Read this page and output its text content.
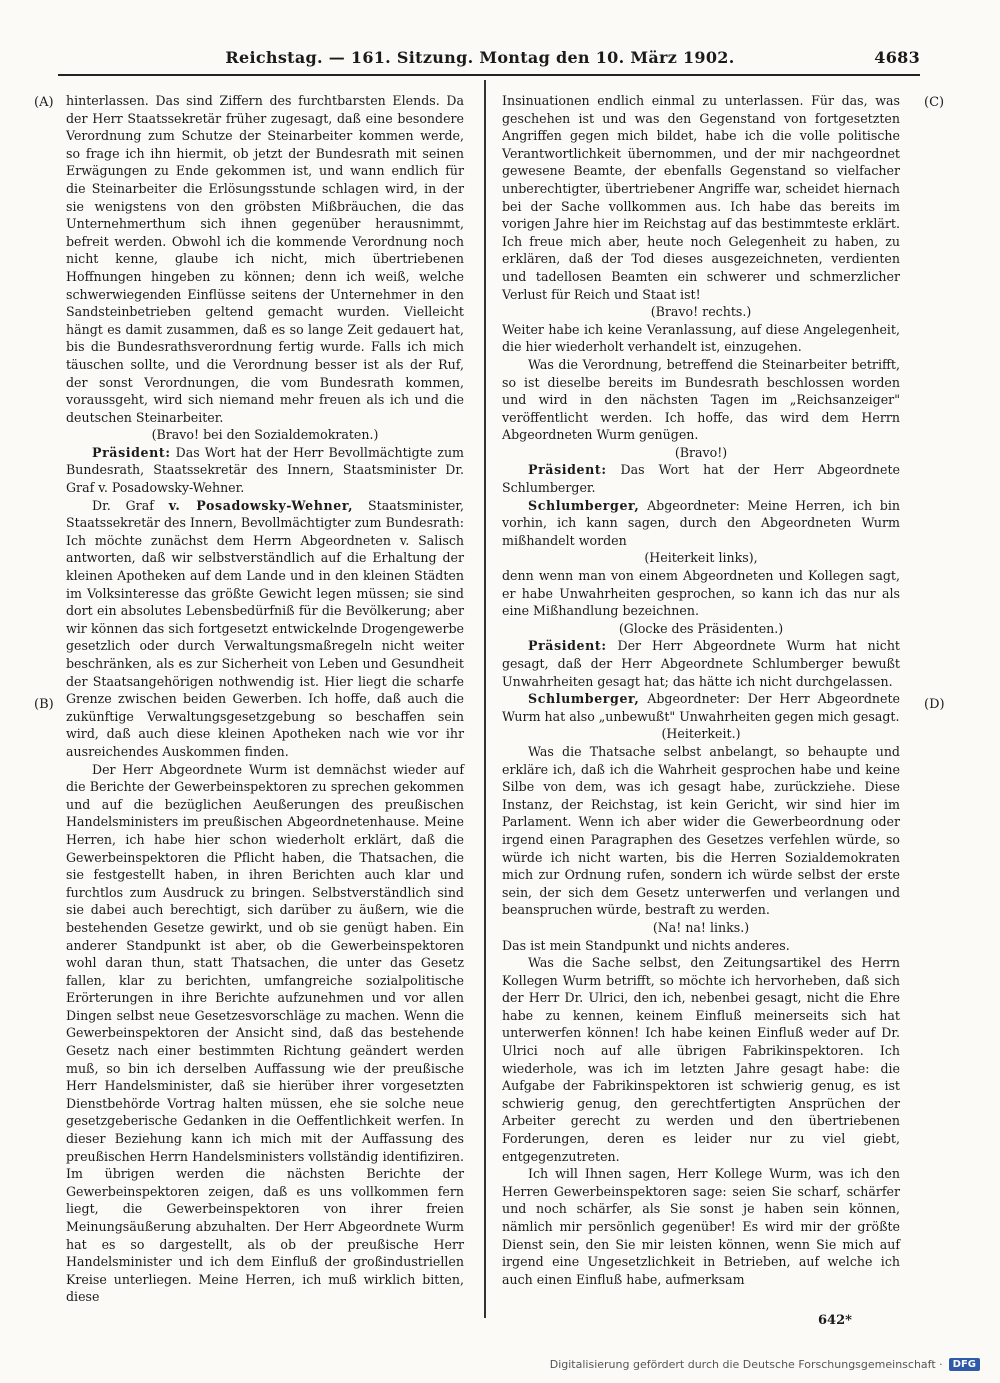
Reichstag. — 161. Sitzung. Montag den 10. März 1902.	4683
(A)
(B)
(C)
(D)

hinterlassen. Das sind Ziffern des furchtbarsten Elends. Da der Herr Staatssekretär früher zugesagt, daß eine besondere Verordnung zum Schutze der Steinarbeiter kommen werde, so frage ich ihn hiermit, ob jetzt der Bundesrath mit seinen Erwägungen zu Ende gekommen ist, und wann endlich für die Steinarbeiter die Erlösungsstunde schlagen wird, in der sie wenigstens von den gröbsten Mißbräuchen, die das Unternehmerthum sich ihnen gegenüber herausnimmt, befreit werden. Obwohl ich die kommende Verordnung noch nicht kenne, glaube ich nicht, mich übertriebenen Hoffnungen hingeben zu können; denn ich weiß, welche schwerwiegenden Einflüsse seitens der Unternehmer in den Sandsteinbetrieben geltend gemacht wurden. Vielleicht hängt es damit zusammen, daß es so lange Zeit gedauert hat, bis die Bundesrathsverordnung fertig wurde. Falls ich mich täuschen sollte, und die Verordnung besser ist als der Ruf, der sonst Verordnungen, die vom Bundesrath kommen, voraussgeht, wird sich niemand mehr freuen als ich und die deutschen Steinarbeiter.

(Bravo! bei den Sozialdemokraten.)

Präsident: Das Wort hat der Herr Bevollmächtigte zum Bundesrath, Staatssekretär des Innern, Staatsminister Dr. Graf v. Posadowsky-Wehner.

Dr. Graf v. Posadowsky-Wehner, Staatsminister, Staatssekretär des Innern, Bevollmächtigter zum Bundesrath: Ich möchte zunächst dem Herrn Abgeordneten v. Salisch antworten, daß wir selbstverständlich auf die Erhaltung der kleinen Apotheken auf dem Lande und in den kleinen Städten im Volksinteresse das größte Gewicht legen müssen; sie sind dort ein absolutes Lebensbedürfniß für die Bevölkerung; aber wir können das sich fortgesetzt entwickelnde Drogengewerbe gesetzlich oder durch Verwaltungsmaßregeln nicht weiter beschränken, als es zur Sicherheit von Leben und Gesundheit der Staatsangehörigen nothwendig ist. Hier liegt die scharfe Grenze zwischen beiden Gewerben. Ich hoffe, daß auch die zukünftige Verwaltungsgesetzgebung so beschaffen sein wird, daß auch diese kleinen Apotheken nach wie vor ihr ausreichendes Auskommen finden.

Der Herr Abgeordnete Wurm ist demnächst wieder auf die Berichte der Gewerbeinspektoren zu sprechen gekommen und auf die bezüglichen Aeußerungen des preußischen Handelsministers im preußischen Abgeordnetenhause. Meine Herren, ich habe hier schon wiederholt erklärt, daß die Gewerbeinspektoren die Pflicht haben, die Thatsachen, die sie festgestellt haben, in ihren Berichten auch klar und furchtlos zum Ausdruck zu bringen. Selbstverständlich sind sie dabei auch berechtigt, sich darüber zu äußern, wie die bestehenden Gesetze gewirkt, und ob sie genügt haben. Ein anderer Standpunkt ist aber, ob die Gewerbeinspektoren wohl daran thun, statt Thatsachen, die unter das Gesetz fallen, klar zu berichten, umfangreiche sozialpolitische Erörterungen in ihre Berichte aufzunehmen und vor allen Dingen selbst neue Gesetzesvorschläge zu machen. Wenn die Gewerbeinspektoren der Ansicht sind, daß das bestehende Gesetz nach einer bestimmten Richtung geändert werden muß, so bin ich derselben Auffassung wie der preußische Herr Handelsminister, daß sie hierüber ihrer vorgesetzten Dienstbehörde Vortrag halten müssen, ehe sie solche neue gesetzgeberische Gedanken in die Oeffentlichkeit werfen. In dieser Beziehung kann ich mich mit der Auffassung des preußischen Herrn Handelsministers vollständig identifiziren. Im übrigen werden die nächsten Berichte der Gewerbeinspektoren zeigen, daß es uns vollkommen fern liegt, die Gewerbeinspektoren von ihrer freien Meinungsäußerung abzuhalten. Der Herr Abgeordnete Wurm hat es so dargestellt, als ob der preußische Herr Handelsminister und ich dem Einfluß der großindustriellen Kreise unterliegen. Meine Herren, ich muß wirklich bitten, diese

Insinuationen endlich einmal zu unterlassen. Für das, was geschehen ist und was den Gegenstand von fortgesetzten Angriffen gegen mich bildet, habe ich die volle politische Verantwortlichkeit übernommen, und der mir nachgeordnet gewesene Beamte, der ebenfalls Gegenstand so vielfacher unberechtigter, übertriebener Angriffe war, scheidet hiernach bei der Sache vollkommen aus. Ich habe das bereits im vorigen Jahre hier im Reichstag auf das bestimmteste erklärt. Ich freue mich aber, heute noch Gelegenheit zu haben, zu erklären, daß der Tod dieses ausgezeichneten, verdienten und tadellosen Beamten ein schwerer und schmerzlicher Verlust für Reich und Staat ist!

(Bravo! rechts.)

Weiter habe ich keine Veranlassung, auf diese Angelegenheit, die hier wiederholt verhandelt ist, einzugehen.

Was die Verordnung, betreffend die Steinarbeiter betrifft, so ist dieselbe bereits im Bundesrath beschlossen worden und wird in den nächsten Tagen im „Reichsanzeiger" veröffentlicht werden. Ich hoffe, das wird dem Herrn Abgeordneten Wurm genügen.

(Bravo!)

Präsident: Das Wort hat der Herr Abgeordnete Schlumberger.

Schlumberger, Abgeordneter: Meine Herren, ich bin vorhin, ich kann sagen, durch den Abgeordneten Wurm mißhandelt worden

(Heiterkeit links),

denn wenn man von einem Abgeordneten und Kollegen sagt, er habe Unwahrheiten gesprochen, so kann ich das nur als eine Mißhandlung bezeichnen.

(Glocke des Präsidenten.)

Präsident: Der Herr Abgeordnete Wurm hat nicht gesagt, daß der Herr Abgeordnete Schlumberger bewußt Unwahrheiten gesagt hat; das hätte ich nicht durchgelassen.

Schlumberger, Abgeordneter: Der Herr Abgeordnete Wurm hat also „unbewußt" Unwahrheiten gegen mich gesagt.

(Heiterkeit.)

Was die Thatsache selbst anbelangt, so behaupte und erkläre ich, daß ich die Wahrheit gesprochen habe und keine Silbe von dem, was ich gesagt habe, zurückziehe. Diese Instanz, der Reichstag, ist kein Gericht, wir sind hier im Parlament. Wenn ich aber wider die Gewerbeordnung oder irgend einen Paragraphen des Gesetzes verfehlen würde, so würde ich nicht warten, bis die Herren Sozialdemokraten mich zur Ordnung rufen, sondern ich würde selbst der erste sein, der sich dem Gesetz unterwerfen und verlangen und beanspruchen würde, bestraft zu werden.

(Na! na! links.)

Das ist mein Standpunkt und nichts anderes.

Was die Sache selbst, den Zeitungsartikel des Herrn Kollegen Wurm betrifft, so möchte ich hervorheben, daß sich der Herr Dr. Ulrici, den ich, nebenbei gesagt, nicht die Ehre habe zu kennen, keinem Einfluß meinerseits sich hat unterwerfen können! Ich habe keinen Einfluß weder auf Dr. Ulrici noch auf alle übrigen Fabrikinspektoren. Ich wiederhole, was ich im letzten Jahre gesagt habe: die Aufgabe der Fabrikinspektoren ist schwierig genug, es ist schwierig genug, den gerechtfertigten Ansprüchen der Arbeiter gerecht zu werden und den übertriebenen Forderungen, deren es leider nur zu viel giebt, entgegenzutreten.

Ich will Ihnen sagen, Herr Kollege Wurm, was ich den Herren Gewerbeinspektoren sage: seien Sie scharf, schärfer und noch schärfer, als Sie sonst je haben sein können, nämlich mir persönlich gegenüber! Es wird mir der größte Dienst sein, den Sie mir leisten können, wenn Sie mich auf irgend eine Ungesetzlichkeit in Betrieben, auf welche ich auch einen Einfluß habe, aufmerksam

642*
Digitalisierung gefördert durch die Deutsche Forschungsgemeinschaft ·	DFG
